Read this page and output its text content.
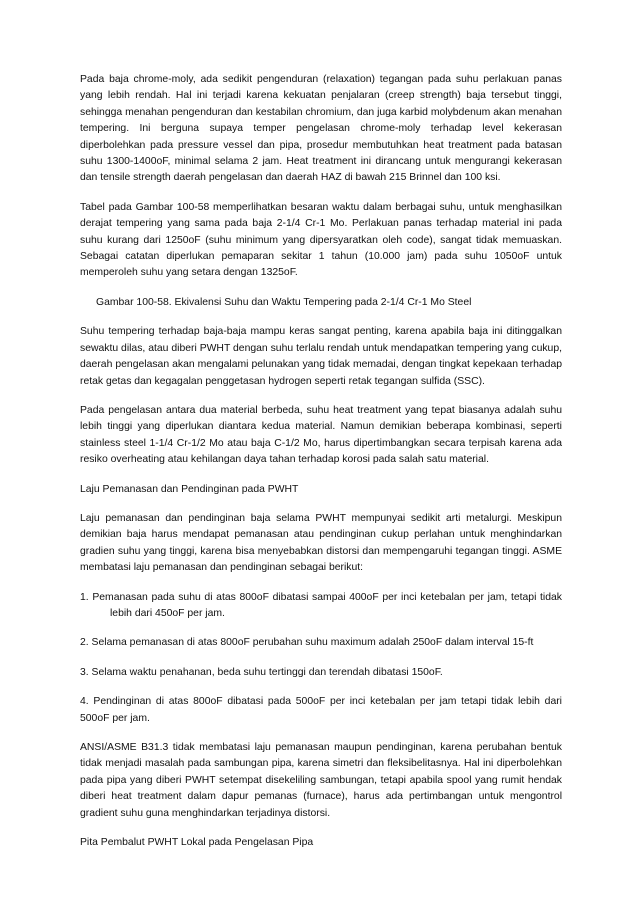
Pada baja chrome-moly, ada sedikit pengenduran (relaxation) tegangan pada suhu perlakuan panas yang lebih rendah. Hal ini terjadi karena kekuatan penjalaran (creep strength) baja tersebut tinggi, sehingga menahan pengenduran dan kestabilan chromium, dan juga karbid molybdenum akan menahan tempering. Ini berguna supaya temper pengelasan chrome-moly terhadap level kekerasan diperbolehkan pada pressure vessel dan pipa, prosedur membutuhkan heat treatment pada batasan suhu 1300-1400oF, minimal selama 2 jam. Heat treatment ini dirancang untuk mengurangi kekerasan dan tensile strength daerah pengelasan dan daerah HAZ di bawah 215 Brinnel dan 100 ksi.

Tabel pada Gambar 100-58 memperlihatkan besaran waktu dalam berbagai suhu, untuk menghasilkan derajat tempering yang sama pada baja 2-1/4 Cr-1 Mo. Perlakuan panas terhadap material ini pada suhu kurang dari 1250oF (suhu minimum yang dipersyaratkan oleh code), sangat tidak memuaskan. Sebagai catatan diperlukan pemaparan sekitar 1 tahun (10.000 jam) pada suhu 1050oF untuk memperoleh suhu yang setara dengan 1325oF.

Gambar 100-58. Ekivalensi Suhu dan Waktu Tempering pada 2-1/4 Cr-1 Mo Steel

Suhu tempering terhadap baja-baja mampu keras sangat penting, karena apabila baja ini ditinggalkan sewaktu dilas, atau diberi PWHT dengan suhu terlalu rendah untuk mendapatkan tempering yang cukup, daerah pengelasan akan mengalami pelunakan yang tidak memadai, dengan tingkat kepekaan terhadap retak getas dan kegagalan penggetasan hydrogen seperti retak tegangan sulfida (SSC).

Pada pengelasan antara dua material berbeda, suhu heat treatment yang tepat biasanya adalah suhu lebih tinggi yang diperlukan diantara kedua material. Namun demikian beberapa kombinasi, seperti stainless steel 1-1/4 Cr-1/2 Mo atau baja C-1/2 Mo, harus dipertimbangkan secara terpisah karena ada resiko overheating atau kehilangan daya tahan terhadap korosi pada salah satu material.

Laju Pemanasan dan Pendinginan pada PWHT

Laju pemanasan dan pendinginan baja selama PWHT mempunyai sedikit arti metalurgi. Meskipun demikian baja harus mendapat pemanasan atau pendinginan cukup perlahan untuk menghindarkan gradien suhu yang tinggi, karena bisa menyebabkan distorsi dan mempengaruhi tegangan tinggi. ASME membatasi laju pemanasan dan pendinginan sebagai berikut:

1. Pemanasan pada suhu di atas 800oF dibatasi sampai 400oF per inci ketebalan per jam, tetapi tidak lebih dari 450oF per jam.

2. Selama pemanasan di atas 800oF perubahan suhu maximum adalah 250oF dalam interval 15-ft

3. Selama waktu penahanan, beda suhu tertinggi dan terendah dibatasi 150oF.

4. Pendinginan di atas 800oF dibatasi pada 500oF per inci ketebalan per jam tetapi tidak lebih dari 500oF per jam.

ANSI/ASME B31.3 tidak membatasi laju pemanasan maupun pendinginan, karena perubahan bentuk tidak menjadi masalah pada sambungan pipa, karena simetri dan fleksibelitasnya. Hal ini diperbolehkan pada pipa yang diberi PWHT setempat disekeliling sambungan, tetapi apabila spool yang rumit hendak diberi heat treatment dalam dapur pemanas (furnace), harus ada pertimbangan untuk mengontrol gradient suhu guna menghindarkan terjadinya distorsi.

Pita Pembalut PWHT Lokal pada Pengelasan Pipa
